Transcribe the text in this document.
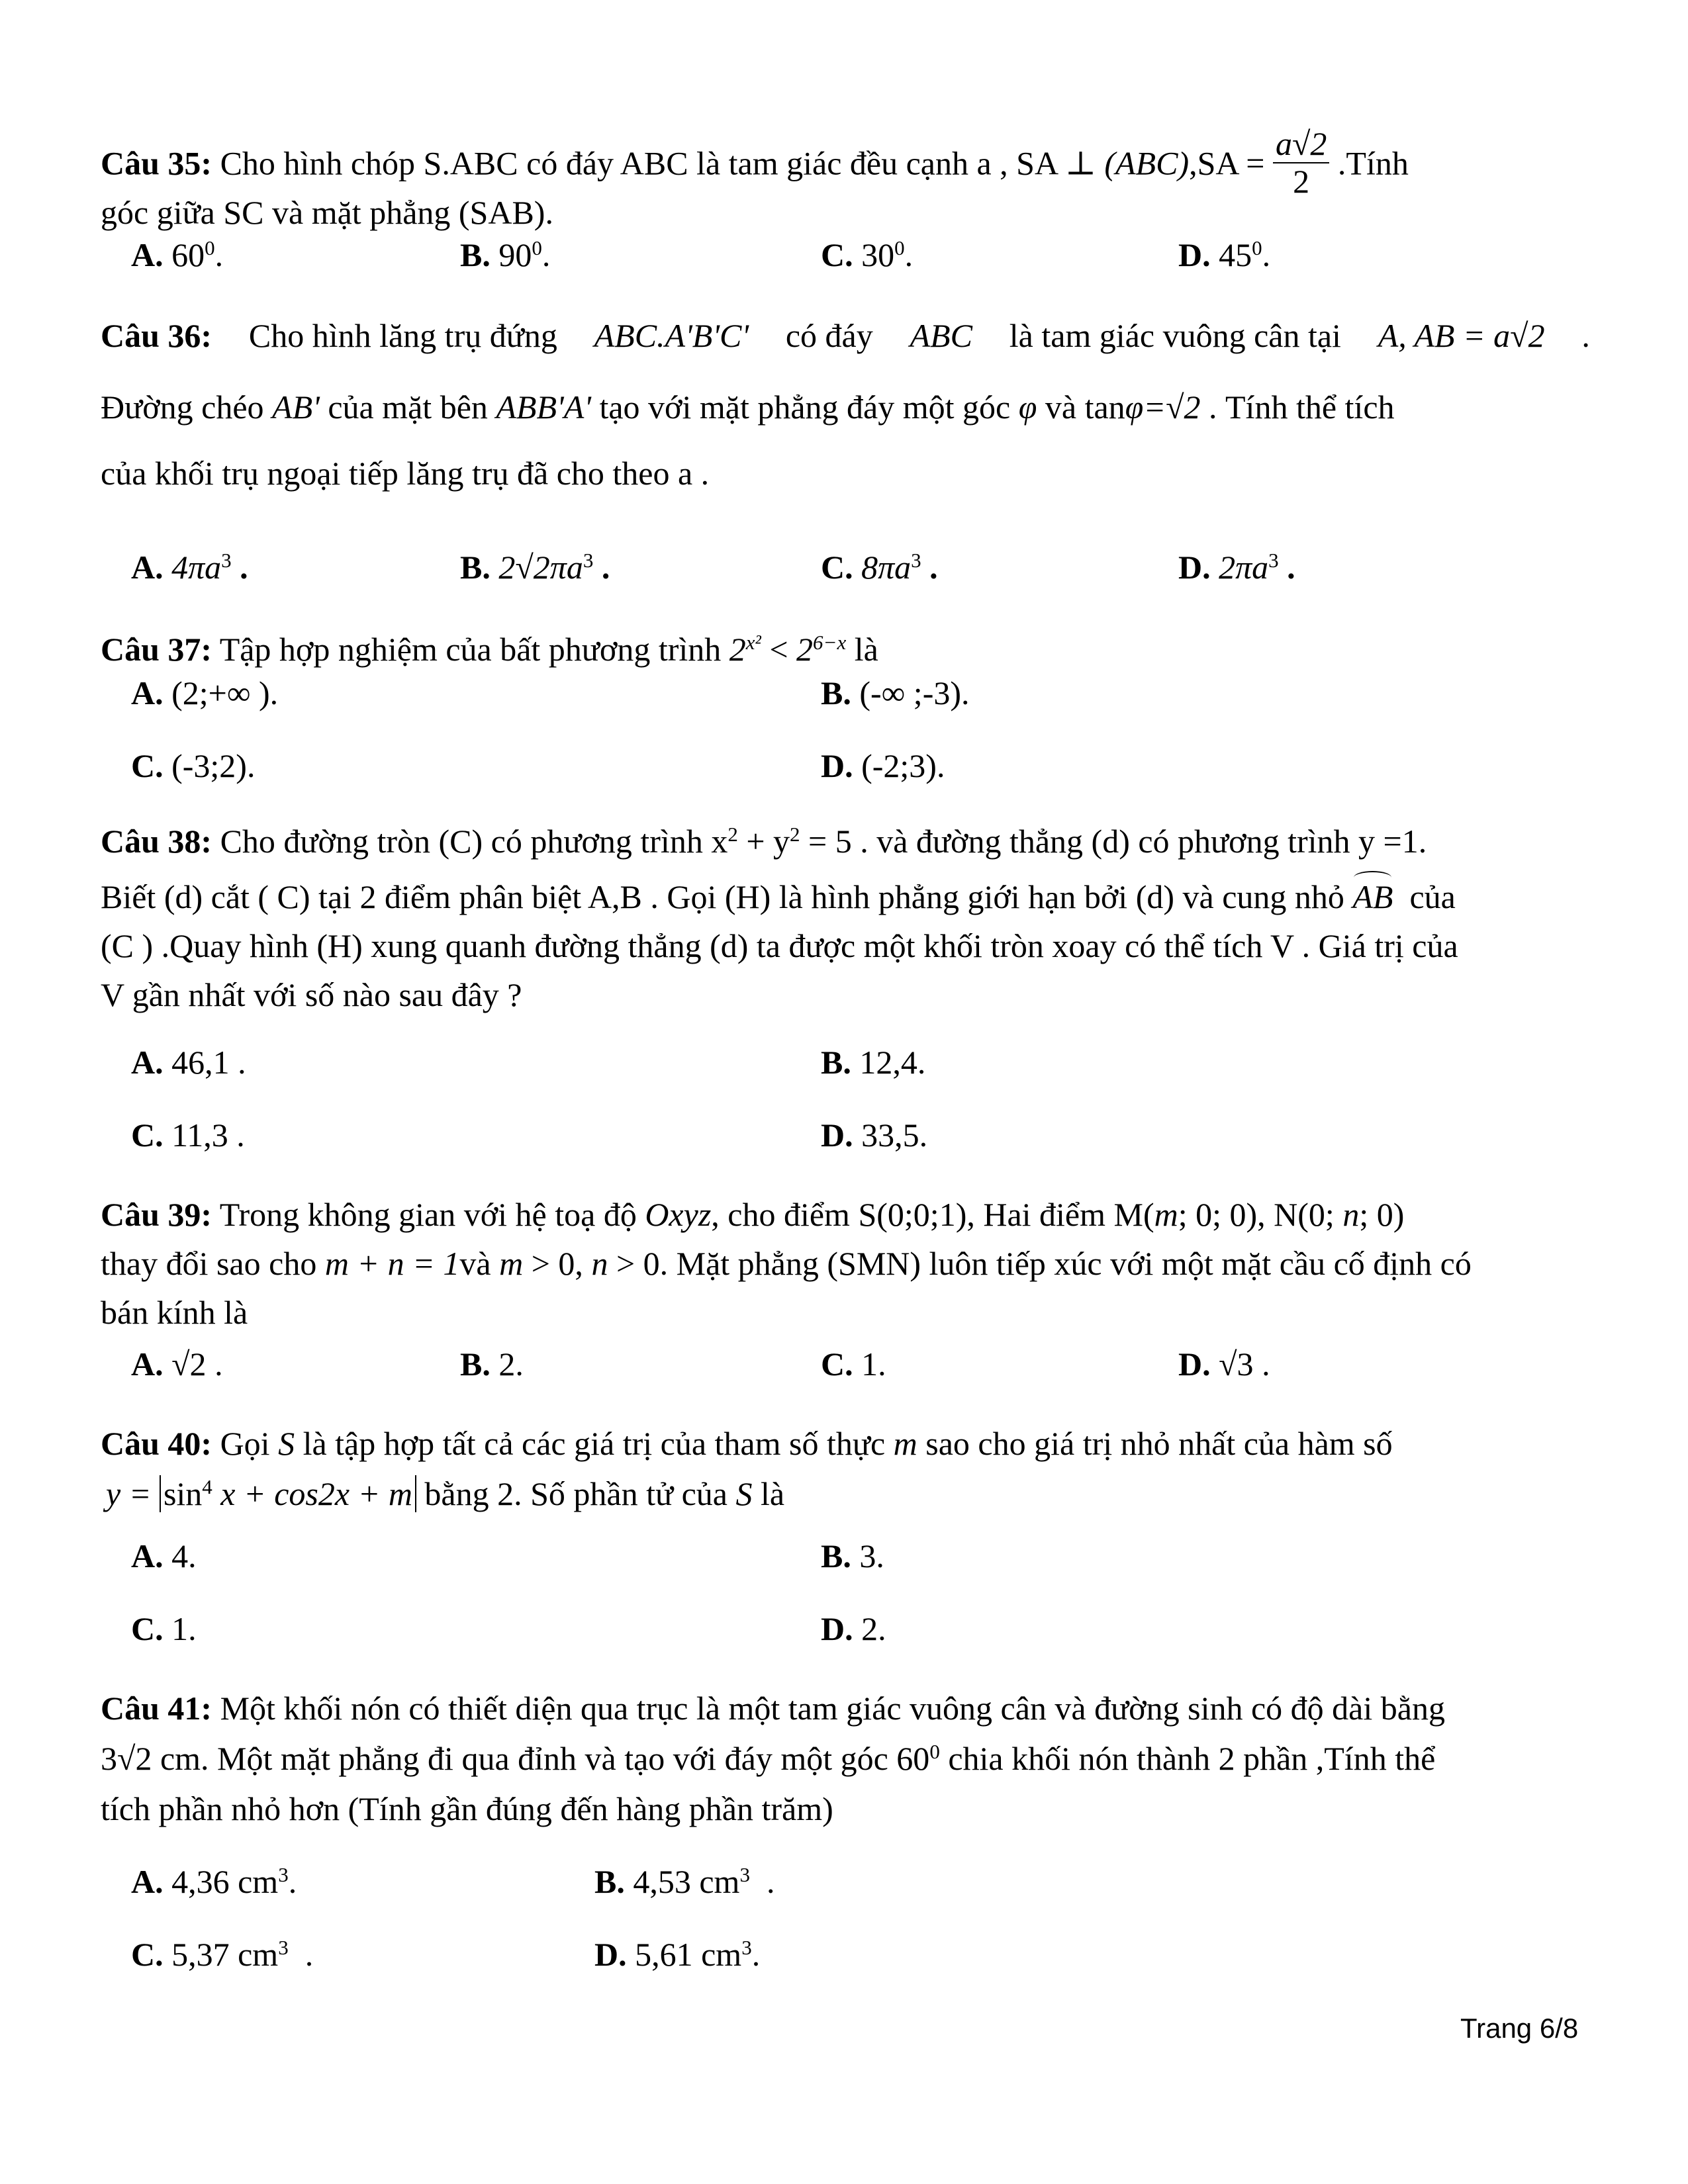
Câu 35: Cho hình chóp S.ABC có đáy ABC là tam giác đều cạnh a , SA ⊥ $(ABC),SA = \frac{a√2}{2}$ .Tính
góc giữa SC và mặt phẳng (SAB).
A. $60^0$.	B. $90^0$.	C. $30^0$.	D. $45^0$.
Câu 36: Cho hình lăng trụ đứng ABC.A'B'C' có đáy ABC là tam giác vuông cân tại A, AB = a√2 .
Đường chéo AB' của mặt bên ABB'A' tạo với mặt phẳng đáy một góc φ và tanφ=√2 . Tính thể tích
của khối trụ ngoại tiếp lăng trụ đã cho theo a .
A. $4\pi a^3$ .	B. $2√2\pi a^3$ .	C. $8\pi a^3$ .	D. $2\pi a^3$ .
Câu 37: Tập hợp nghiệm của bất phương trình $2^{x^2} < 2^{6-x}$ là
A. (2;+∞ ).	B. (-∞ ;-3).
C. (-3;2).	D. (-2;3).
Câu 38: Cho đường tròn (C) có phương trình $x^2 + y^2 = 5$ . và đường thẳng (d) có phương trình y =1.
Biết (d) cắt ( C) tại 2 điểm phân biệt A,B . Gọi (H) là hình phẳng giới hạn bởi (d) và cung nhỏ AB của
(C ) .Quay hình (H) xung quanh đường thẳng (d) ta được một khối tròn xoay có thể tích V . Giá trị của
V gần nhất với số nào sau đây ?
A. 46,1 .	B. 12,4.
C. 11,3 .	D. 33,5.
Câu 39: Trong không gian với hệ toạ độ Oxyz, cho điểm S(0;0;1), Hai điểm M(m; 0; 0), N(0; n; 0)
thay đổi sao cho m + n = 1và m > 0, n > 0. Mặt phẳng (SMN) luôn tiếp xúc với một mặt cầu cố định có
bán kính là
A. √2 .	B. 2.	C. 1.	D. √3 .
Câu 40: Gọi S là tập hợp tất cả các giá trị của tham số thực m sao cho giá trị nhỏ nhất của hàm số
$y = \sin^4 x + \cos 2x + m$ bằng 2. Số phần tử của S là
A. 4.	B. 3.
C. 1.	D. 2.
Câu 41: Một khối nón có thiết diện qua trục là một tam giác vuông cân và đường sinh có độ dài bằng
3√2 cm. Một mặt phẳng đi qua đỉnh và tạo với đáy một góc $60^0$ chia khối nón thành 2 phần ,Tính thể
tích phần nhỏ hơn (Tính gần đúng đến hàng phần trăm)
A. 4,36 $cm^3$.	B. 4,53 $cm^3$ .
C. 5,37 $cm^3$ .	D. 5,61 $cm^3$.
Trang 6/8
